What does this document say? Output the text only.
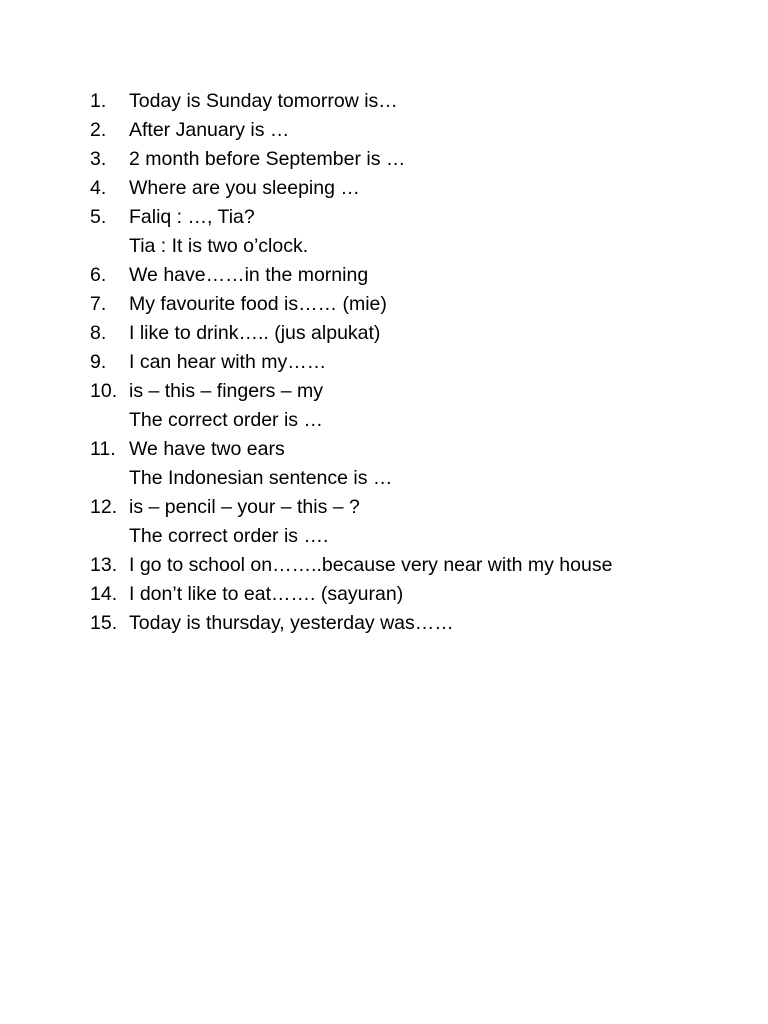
1.	Today is Sunday tomorrow is…
2.	After January is …
3.	2 month before September is …
4.	Where are you sleeping …
5.	Faliq : …, Tia?
Tia : It is two o’clock.
6.	We have……in the morning
7.	My favourite food is…… (mie)
8.	I like to drink….. (jus alpukat)
9.	I can hear with my……
10. is – this – fingers – my
The correct order is …
11. We have two ears
The Indonesian sentence is …
12. is – pencil – your – this – ?
The correct order is ….
13. I go to school on……..because very near with my house
14. I don’t like to eat……. (sayuran)
15. Today is thursday, yesterday was……
